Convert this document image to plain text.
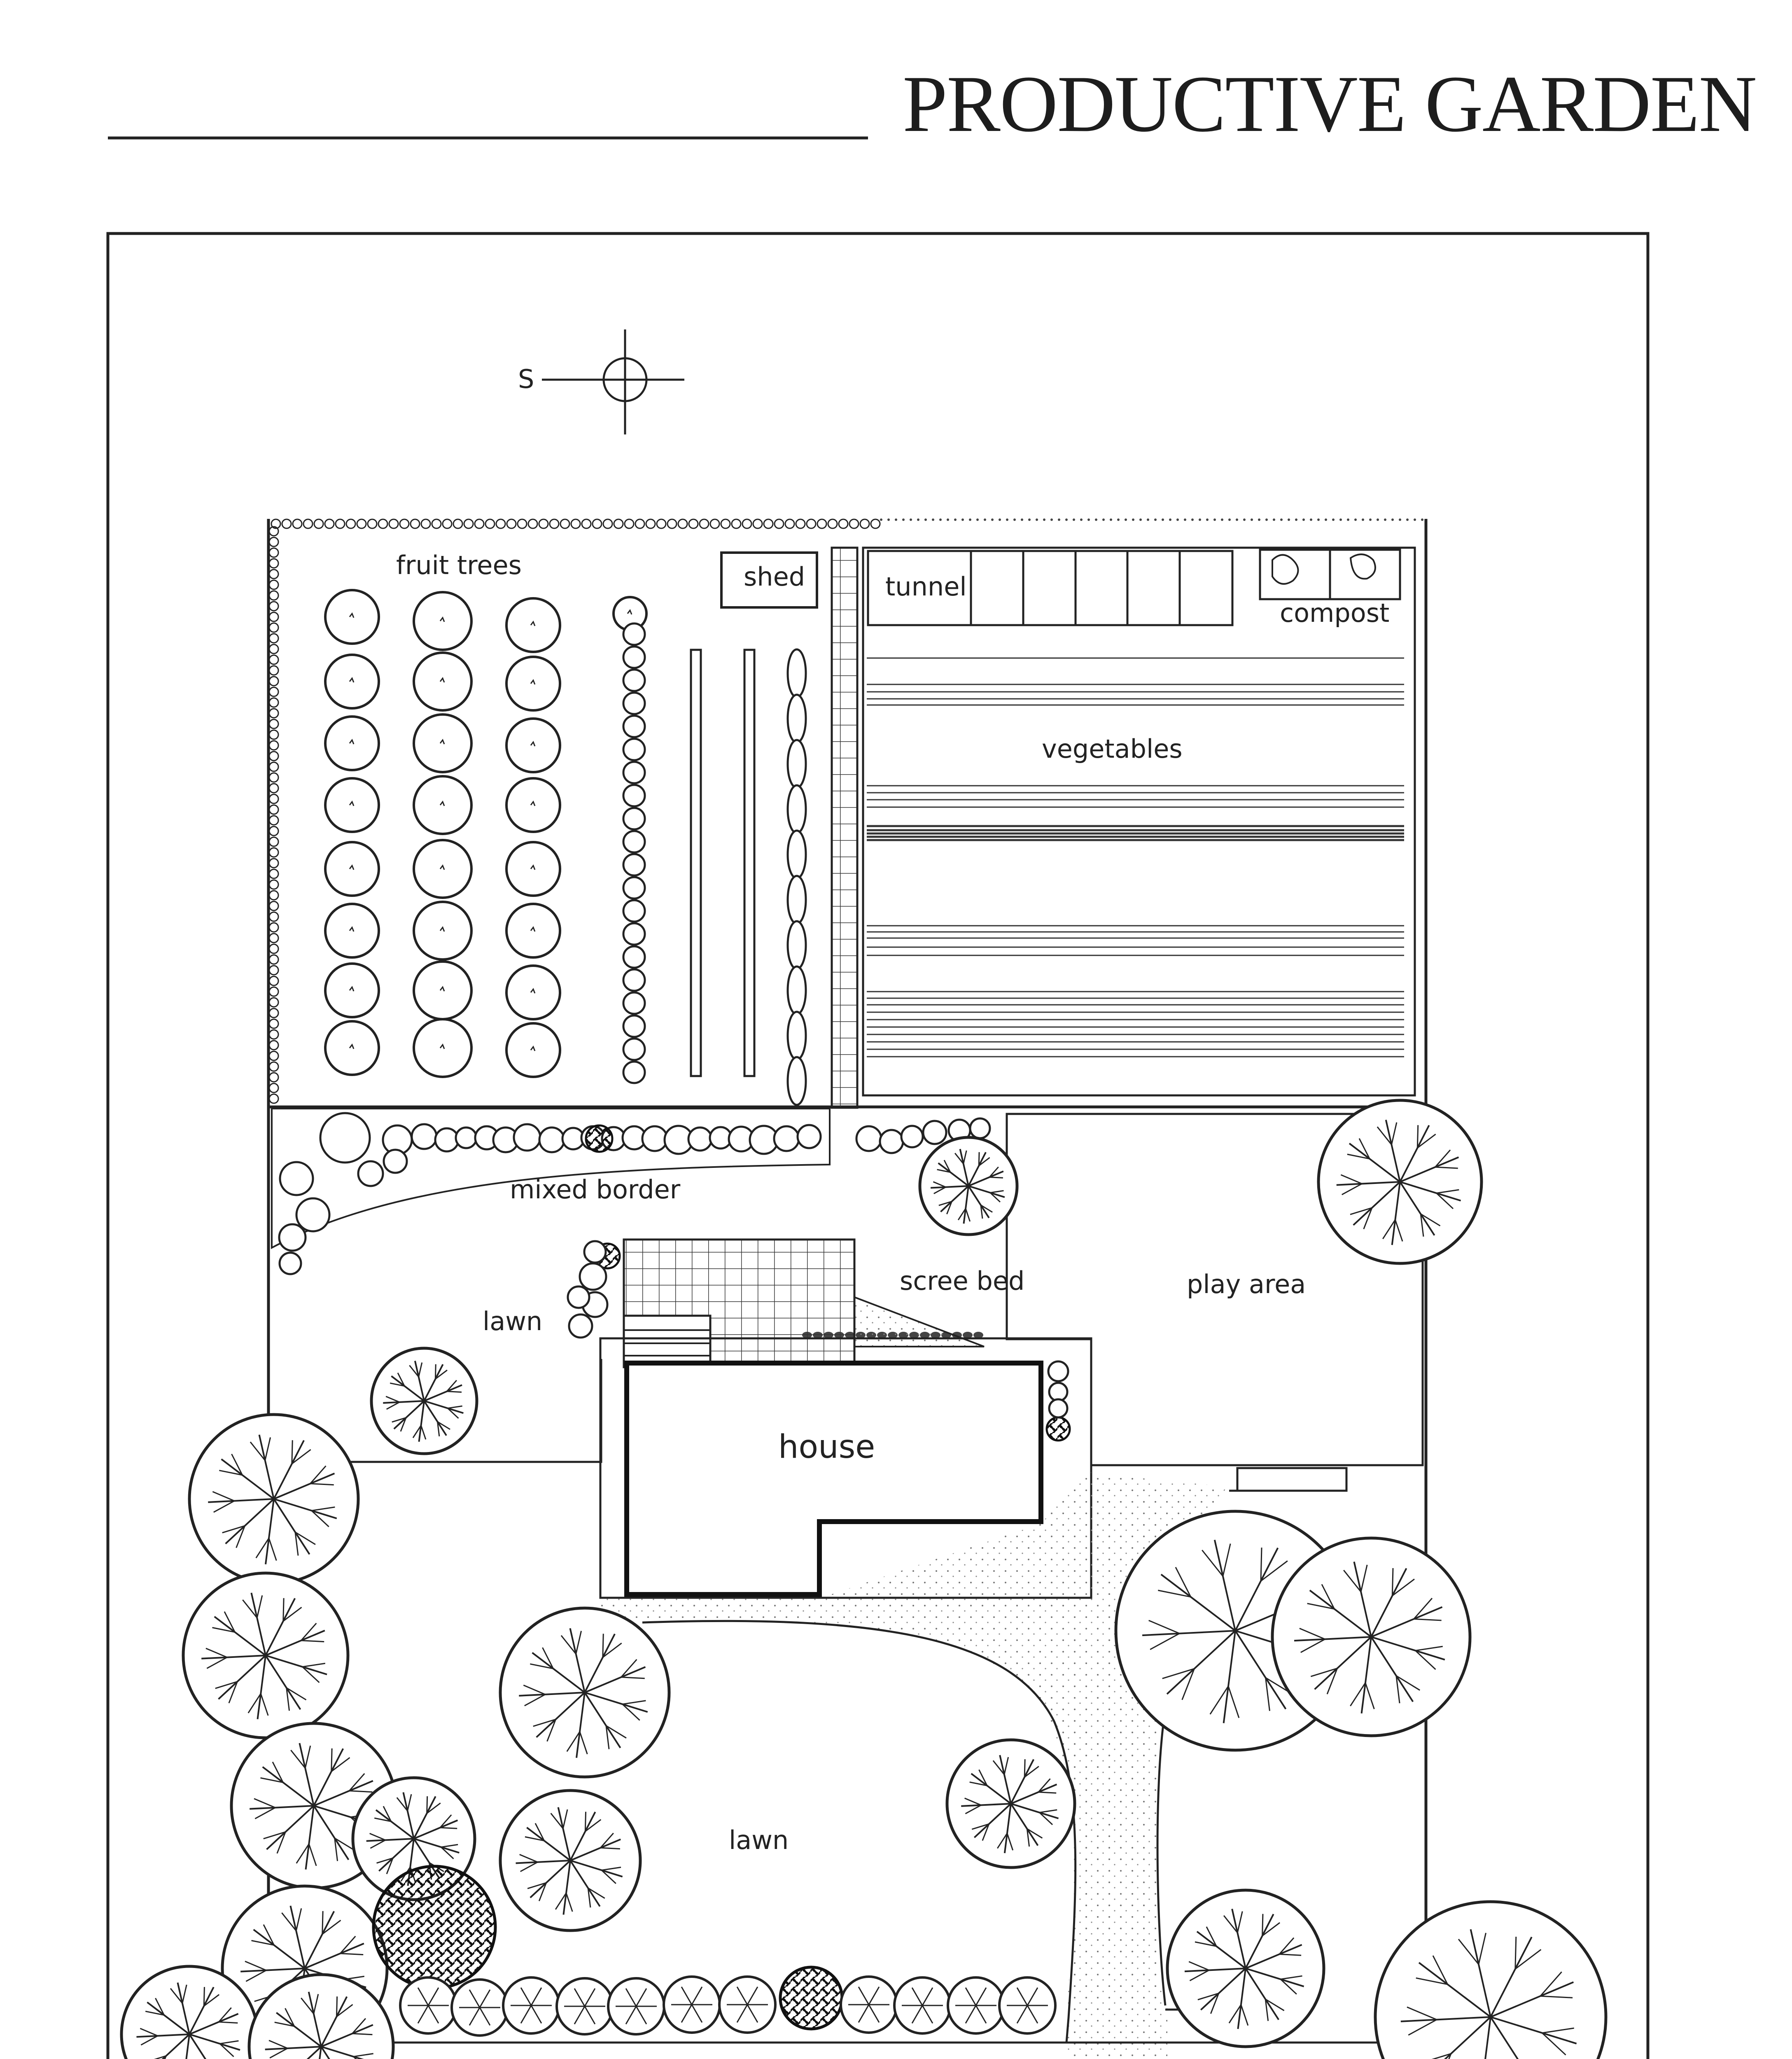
PRODUCTIVE GARDEN
S
fruit trees	shed	tunnel
compost
vegetables
mixed border
lawn
scree bed	play area
house
lawn
